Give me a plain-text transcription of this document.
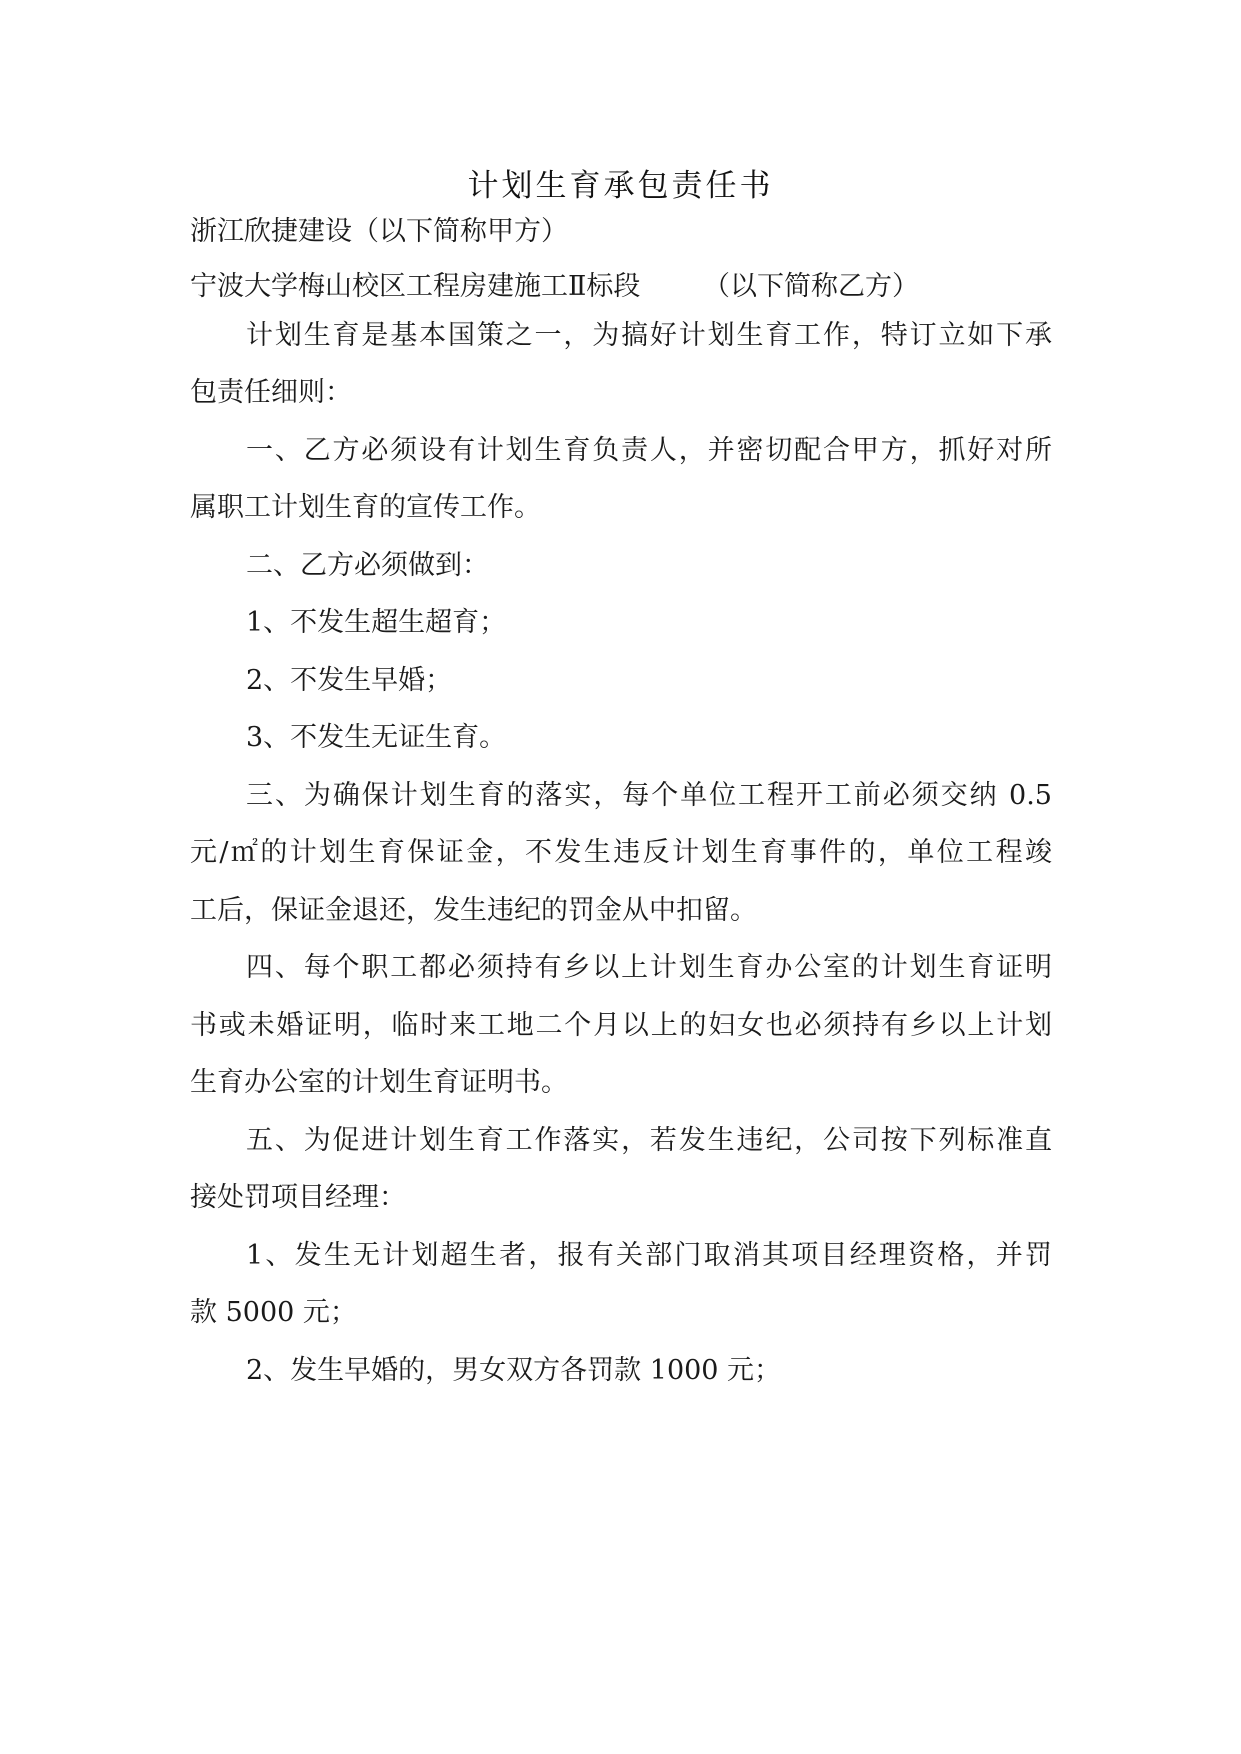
计划生育承包责任书
浙江欣捷建设（以下简称甲方）
宁波大学梅山校区工程房建施工Ⅱ标段 （以下简称乙方）
计划生育是基本国策之一，为搞好计划生育工作，特订立如下承
包责任细则：
一、乙方必须设有计划生育负责人，并密切配合甲方，抓好对所
属职工计划生育的宣传工作。
二、乙方必须做到：
1、不发生超生超育；
2、不发生早婚；
3、不发生无证生育。
三、为确保计划生育的落实，每个单位工程开工前必须交纳 0.5
元/㎡的计划生育保证金，不发生违反计划生育事件的，单位工程竣
工后，保证金退还，发生违纪的罚金从中扣留。
四、每个职工都必须持有乡以上计划生育办公室的计划生育证明
书或未婚证明，临时来工地二个月以上的妇女也必须持有乡以上计划
生育办公室的计划生育证明书。
五、为促进计划生育工作落实，若发生违纪，公司按下列标准直
接处罚项目经理：
1、发生无计划超生者，报有关部门取消其项目经理资格，并罚
款 5000 元；
2、发生早婚的，男女双方各罚款 1000 元；
